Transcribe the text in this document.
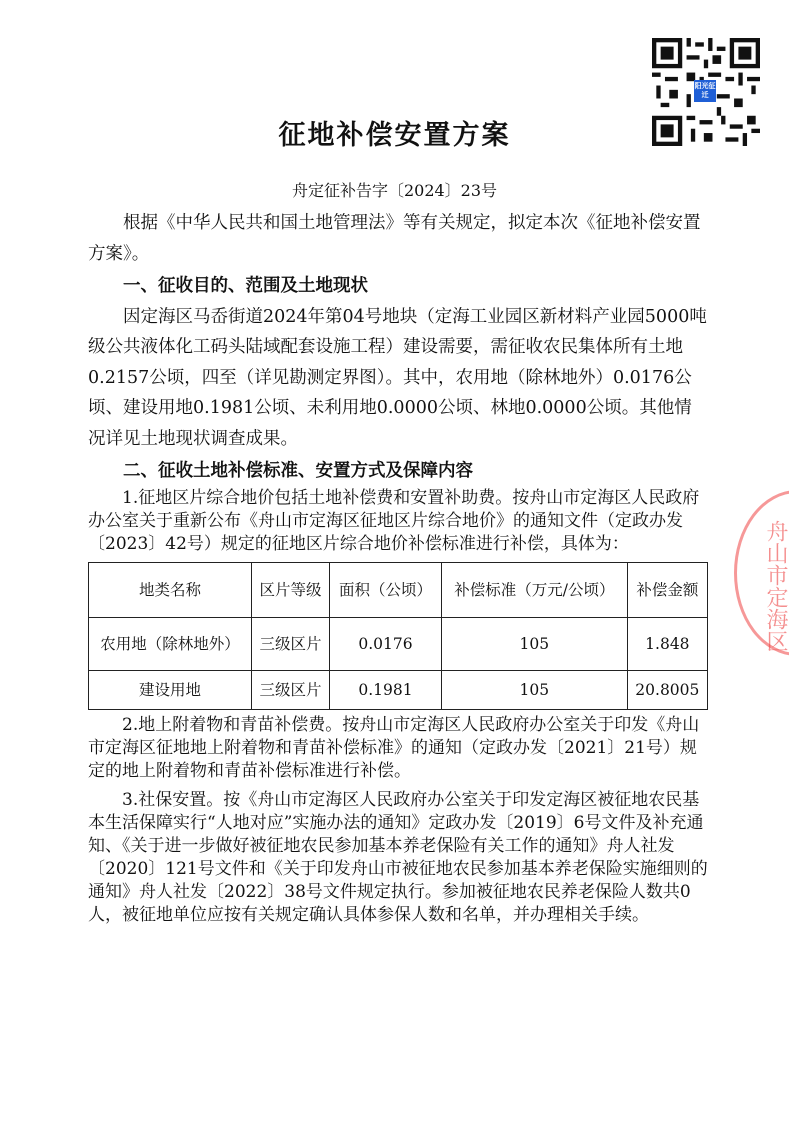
阳光征迁
舟山市定海区
征地补偿安置方案
舟定征补告字〔2024〕23号

根据《中华人民共和国土地管理法》等有关规定，拟定本次《征地补偿安置方案》。

一、征收目的、范围及土地现状

因定海区马岙街道2024年第04号地块（定海工业园区新材料产业园5000吨级公共液体化工码头陆域配套设施工程）建设需要，需征收农民集体所有土地0.2157公顷，四至（详见勘测定界图）。其中，农用地（除林地外）0.0176公顷、建设用地0.1981公顷、未利用地0.0000公顷、林地0.0000公顷。其他情况详见土地现状调查成果。

二、征收土地补偿标准、安置方式及保障内容

1.征地区片综合地价包括土地补偿费和安置补助费。按舟山市定海区人民政府办公室关于重新公布《舟山市定海区征地区片综合地价》的通知文件（定政办发〔2023〕42号）规定的征地区片综合地价补偿标准进行补偿，具体为：

地类名称	区片等级	面积（公顷）	补偿标准（万元/公顷）	补偿金额
农用地（除林地外）	三级区片	0.0176	105	1.848
建设用地	三级区片	0.1981	105	20.8005

2.地上附着物和青苗补偿费。按舟山市定海区人民政府办公室关于印发《舟山市定海区征地地上附着物和青苗补偿标准》的通知（定政办发〔2021〕21号）规定的地上附着物和青苗补偿标准进行补偿。

3.社保安置。按《舟山市定海区人民政府办公室关于印发定海区被征地农民基本生活保障实行“人地对应”实施办法的通知》定政办发〔2019〕6号文件及补充通知、《关于进一步做好被征地农民参加基本养老保险有关工作的通知》舟人社发〔2020〕121号文件和《关于印发舟山市被征地农民参加基本养老保险实施细则的通知》舟人社发〔2022〕38号文件规定执行。参加被征地农民养老保险人数共0人，被征地单位应按有关规定确认具体参保人数和名单，并办理相关手续。
